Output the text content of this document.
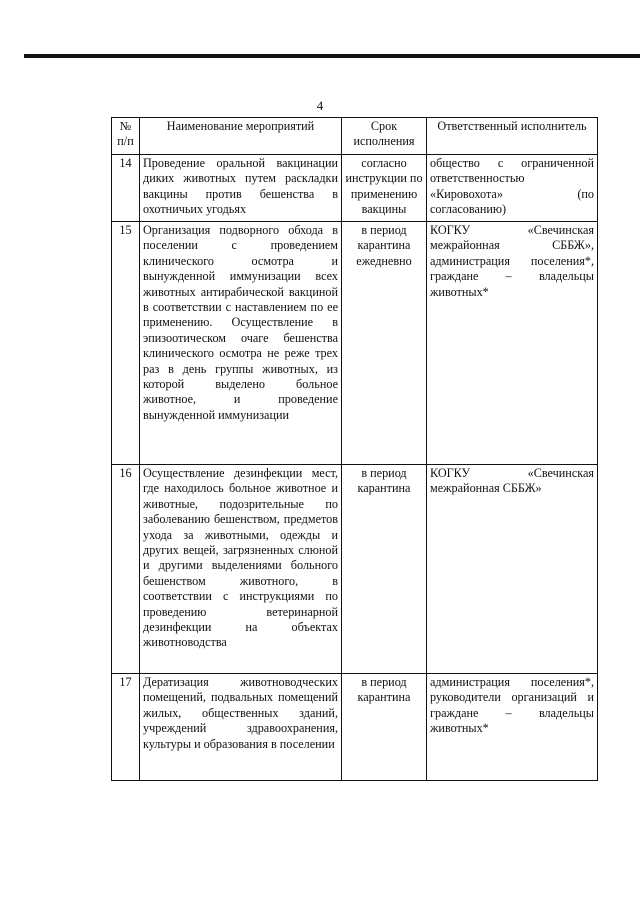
4
№ п/п	Наименование мероприятий	Срок исполнения	Ответственный исполнитель
14	Проведение оральной вакцинации диких животных путем раскладки вакцины против бешенства в охотничьих угодьях	согласно инструкции по применению вакцины	общество с ограниченной ответственностью «Кировохота» (по согласованию)
15	Организация подворного обхода в поселении с проведением клинического осмотра и вынужденной иммунизации всех животных антирабической вакциной в соответствии с наставлением по ее применению. Осуществление в эпизоотическом очаге бешенства клинического осмотра не реже трех раз в день группы животных, из которой выделено больное животное, и проведение вынужденной иммунизации	в период карантина ежедневно	КОГКУ «Свечинская межрайонная СББЖ», администрация поселения*, граждане – владельцы животных*
16	Осуществление дезинфекции мест, где находилось больное животное и животные, подозрительные по заболеванию бешенством, предметов ухода за животными, одежды и других вещей, загрязненных слюной и другими выделениями больного бешенством животного, в соответствии с инструкциями по проведению ветеринарной дезинфекции на объектах животноводства	в период карантина	КОГКУ «Свечинская межрайонная СББЖ»
17	Дератизация животноводческих помещений, подвальных помещений жилых, общественных зданий, учреждений здравоохранения, культуры и образования в поселении	в период карантина	администрация поселения*, руководители организаций и граждане – владельцы животных*
